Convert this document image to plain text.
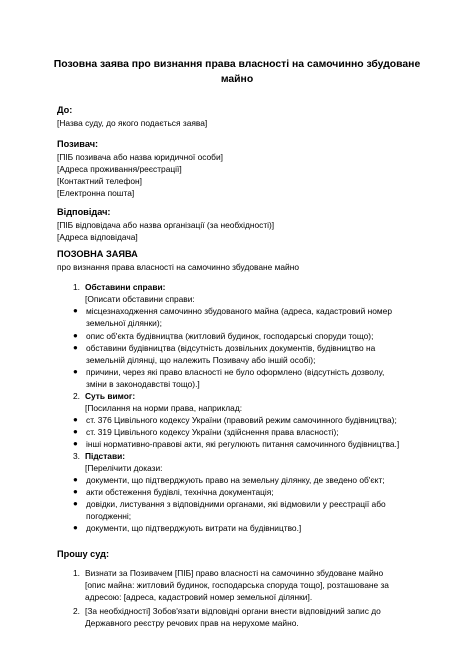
Позовна заява про визнання права власності на самочинно збудоване майно
До:
[Назва суду, до якого подається заява]
Позивач:
[ПІБ позивача або назва юридичної особи]
[Адреса проживання/реєстрації]
[Контактний телефон]
[Електронна пошта]
Відповідач:
[ПІБ відповідача або назва організації (за необхідності)]
[Адреса відповідача]
ПОЗОВНА ЗАЯВА
про визнання права власності на самочинно збудоване майно
1. Обставини справи:
[Описати обставини справи:
● місцезнаходження самочинно збудованого майна (адреса, кадастровий номер
земельної ділянки);
● опис об'єкта будівництва (житловий будинок, господарські споруди тощо);
● обставини будівництва (відсутність дозвільних документів, будівництво на
земельній ділянці, що належить Позивачу або іншій особі);
● причини, через які право власності не було оформлено (відсутність дозволу,
зміни в законодавстві тощо).]
2. Суть вимог:
[Посилання на норми права, наприклад:
● ст. 376 Цивільного кодексу України (правовий режим самочинного будівництва);
● ст. 319 Цивільного кодексу України (здійснення права власності);
● інші нормативно-правові акти, які регулюють питання самочинного будівництва.]
3. Підстави:
[Перелічити докази:
● документи, що підтверджують право на земельну ділянку, де зведено об'єкт;
● акти обстеження будівлі, технічна документація;
● довідки, листування з відповідними органами, які відмовили у реєстрації або
погодженні;
● документи, що підтверджують витрати на будівництво.]
Прошу суд:
1. Визнати за Позивачем [ПІБ] право власності на самочинно збудоване майно
[опис майна: житловий будинок, господарська споруда тощо], розташоване за
адресою: [адреса, кадастровий номер земельної ділянки].
2. [За необхідності] Зобов'язати відповідні органи внести відповідний запис до
Державного реєстру речових прав на нерухоме майно.
